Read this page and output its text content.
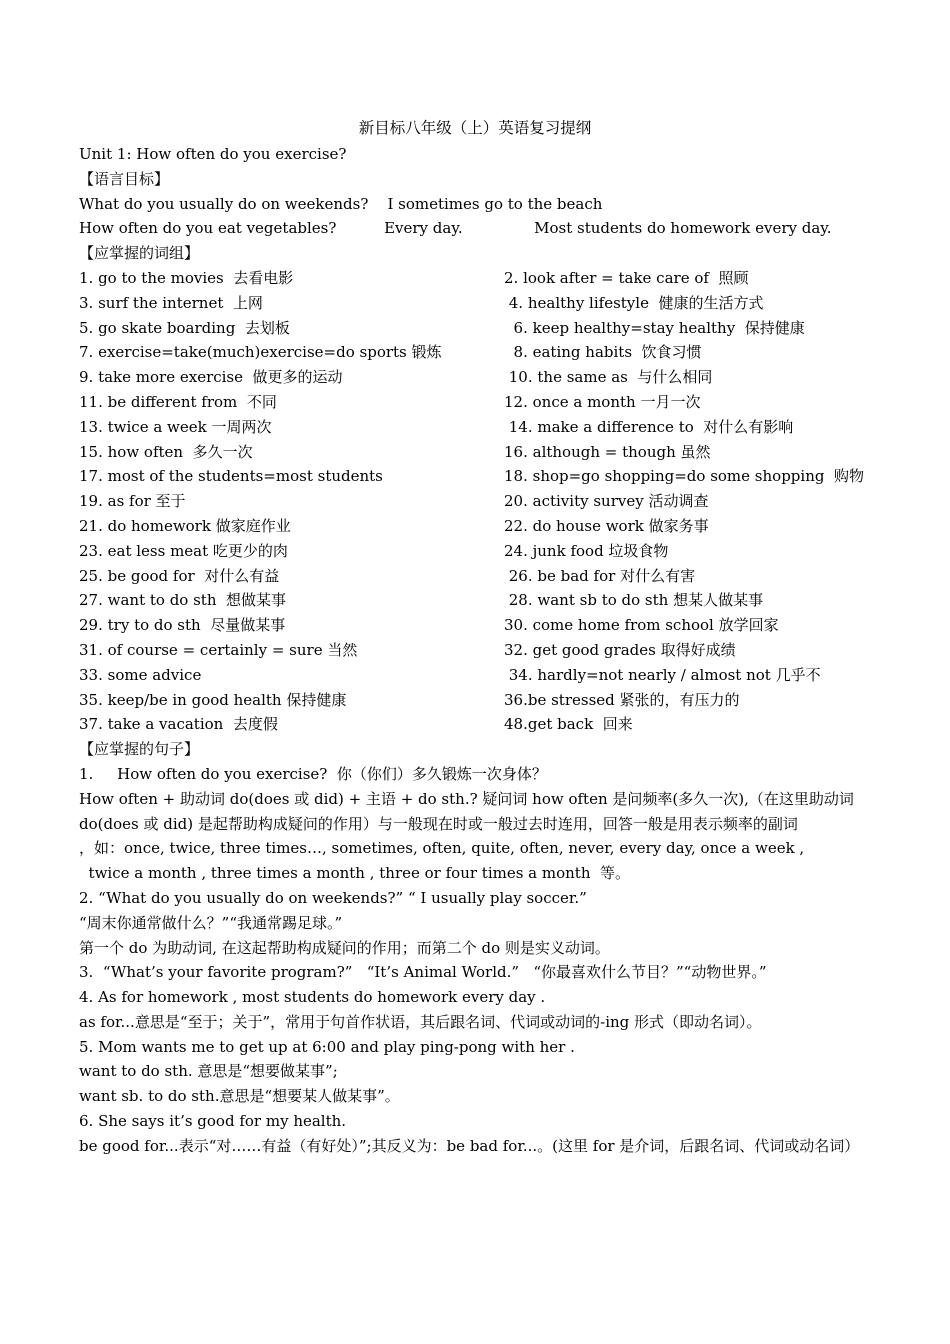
新目标八年级（上）英语复习提纲
Unit 1: How often do you exercise?
【语言目标】
What do you usually do on weekends?    I sometimes go to the beach
How often do you eat vegetables?          Every day.               Most students do homework every day.
【应掌握的词组】
1. go to the movies  去看电影	2. look after = take care of  照顾
3. surf the internet  上网	4. healthy lifestyle  健康的生活方式
5. go skate boarding  去划板	6. keep healthy=stay healthy  保持健康
7. exercise=take(much)exercise=do sports 锻炼	8. eating habits  饮食习惯
9. take more exercise  做更多的运动	10. the same as  与什么相同
11. be different from  不同	12. once a month 一月一次
13. twice a week 一周两次	14. make a difference to  对什么有影响
15. how often  多久一次	16. although = though 虽然
17. most of the students=most students	18. shop=go shopping=do some shopping  购物
19. as for 至于	20. activity survey 活动调查
21. do homework 做家庭作业	22. do house work 做家务事
23. eat less meat 吃更少的肉	24. junk food 垃圾食物
25. be good for  对什么有益	26. be bad for 对什么有害
27. want to do sth  想做某事	28. want sb to do sth 想某人做某事
29. try to do sth  尽量做某事	30. come home from school 放学回家
31. of course = certainly = sure 当然	32. get good grades 取得好成绩
33. some advice	34. hardly=not nearly / almost not 几乎不
35. keep/be in good health 保持健康	36.be stressed 紧张的，有压力的
37. take a vacation  去度假	48.get back  回来
【应掌握的句子】
1.     How often do you exercise?  你（你们）多久锻炼一次身体？
How often + 助动词 do(does 或 did) + 主语 + do sth.? 疑问词 how often 是问频率(多久一次),（在这里助动词 do(does 或 did) 是起帮助构成疑问的作用）与一般现在时或一般过去时连用，回答一般是用表示频率的副词
，如：once, twice, three times…, sometimes, often, quite, often, never, every day, once a week ,
twice a month , three times a month , three or four times a month  等。
2. “What do you usually do on weekends?” “ I usually play soccer.”
“周末你通常做什么？”“我通常踢足球。”
第一个 do 为助动词, 在这起帮助构成疑问的作用；而第二个 do 则是实义动词。
3.  “What’s your favorite program?”   “It’s Animal World.”   “你最喜欢什么节目？”“动物世界。”
4. As for homework , most students do homework every day .
as for...意思是“至于；关于”，常用于句首作状语，其后跟名词、代词或动词的-ing 形式（即动名词）。
5. Mom wants me to get up at 6:00 and play ping-pong with her .
want to do sth. 意思是“想要做某事”;
want sb. to do sth.意思是“想要某人做某事”。
6. She says it’s good for my health.
be good for...表示“对……有益（有好处）”;其反义为：be bad for...。(这里 for 是介词，后跟名词、代词或动名词）
